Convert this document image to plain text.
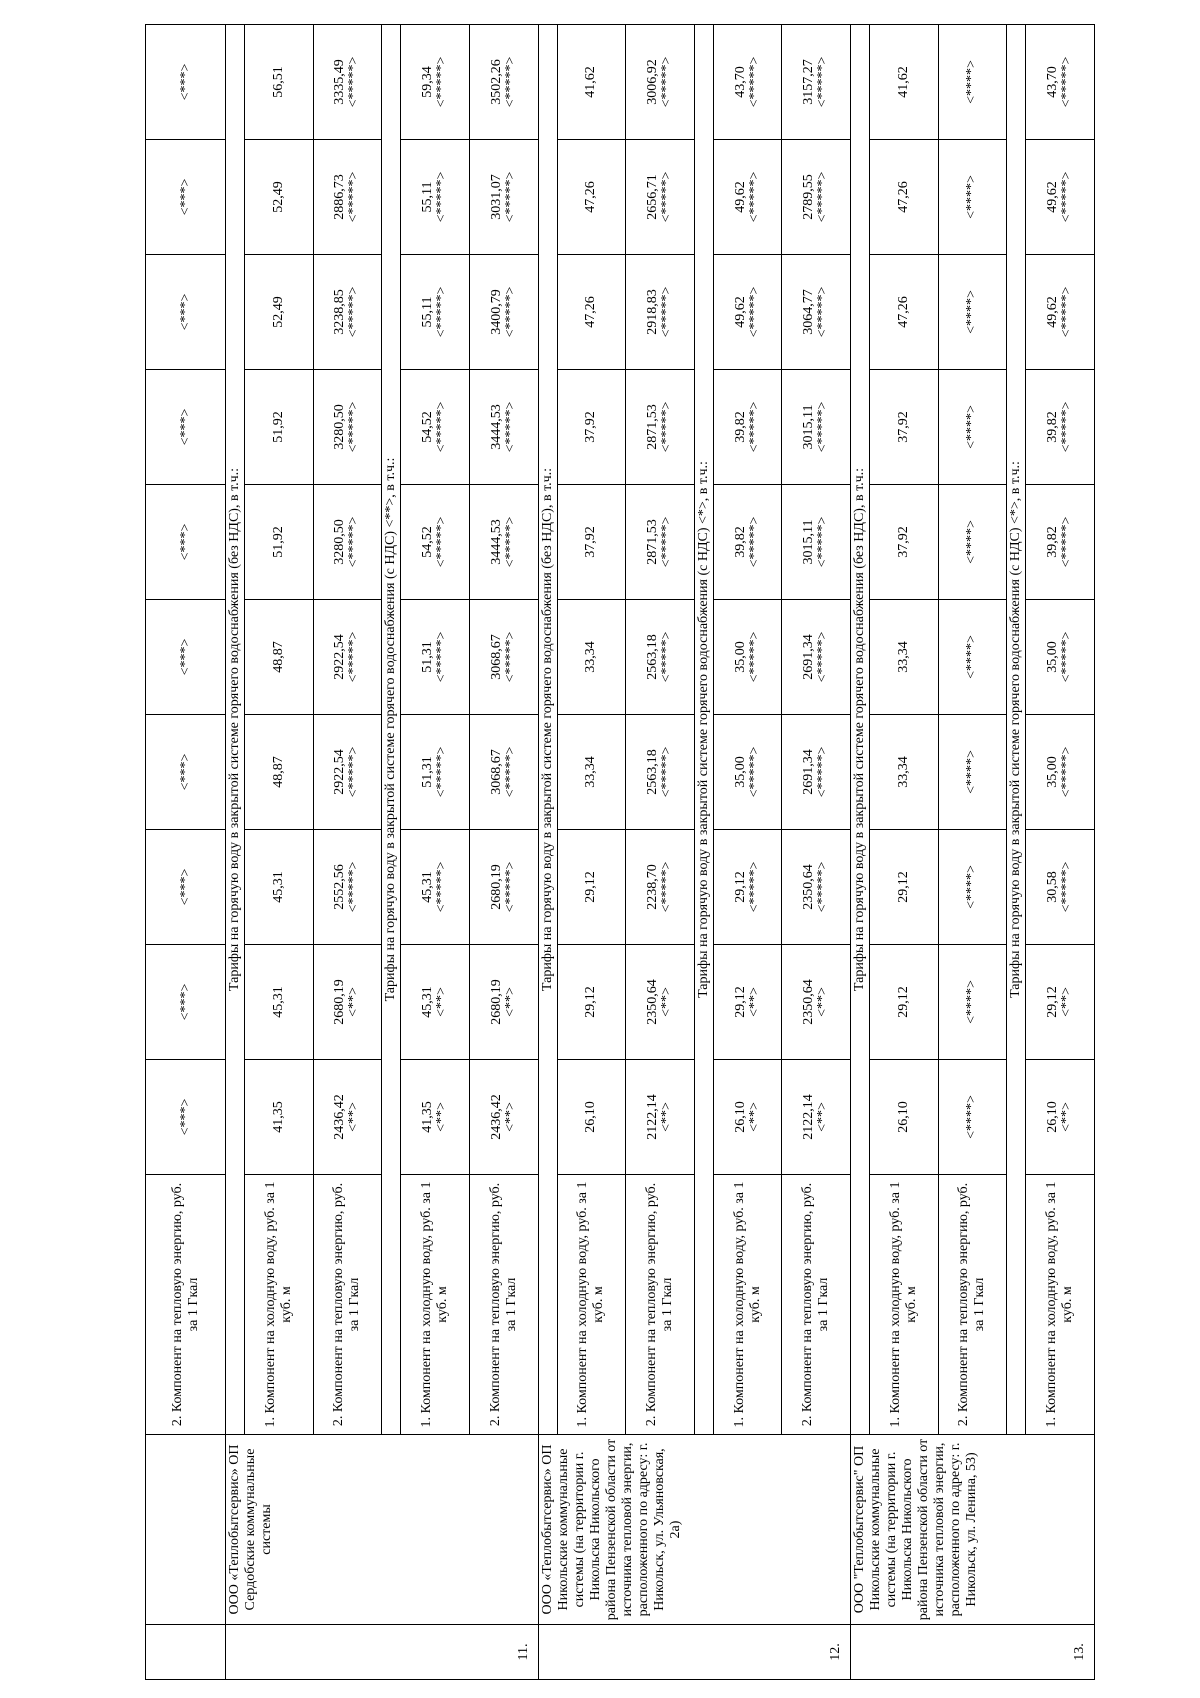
		2. Компонент на тепловую энергию, руб. за 1 Гкал	<***>	<***>	<***>	<***>	<***>	<***>	<***>	<***>	<***>	<***>

11.	ООО «Теплобытсервис» ОП Сердобские коммунальные системы	Тарифы на горячую воду в закрытой системе горячего водоснабжения (без НДС), в т.ч.:										
		1. Компонент на холодную воду, руб. за 1 куб. м	41,35	45,31	45,31	48,87	48,87	51,92	51,92	52,49	52,49	56,51

		2. Компонент на тепловую энергию, руб. за 1 Гкал	2436,42 <**>	2680,19 <**>	2552,56 <*****>	2922,54 <*****>	2922,54 <*****>	3280,50 <*****>	3280,50 <*****>	3238,85 <*****>	2886,73 <*****>	3335,49 <*****>

		Тарифы на горячую воду в закрытой системе горячего водоснабжения (с НДС) <**>, в т.ч.:										
		1. Компонент на холодную воду, руб. за 1 куб. м	41,35 <**>	45,31 <**>	45,31 <*****>	51,31 <*****>	51,31 <*****>	54,52 <*****>	54,52 <*****>	55,11 <*****>	55,11 <*****>	59,34 <*****>

		2. Компонент на тепловую энергию, руб. за 1 Гкал	2436,42 <**>	2680,19 <**>	2680,19 <*****>	3068,67 <*****>	3068,67 <*****>	3444,53 <*****>	3444,53 <*****>	3400,79 <*****>	3031,07 <*****>	3502,26 <*****>

12.	ООО «Теплобытсервис» ОП Никольские коммунальные системы (на территории г. Никольска Никольского района Пензенской области от источника тепловой энергии, расположенного по адресу: г. Никольск, ул. Ульяновская, 2а)	Тарифы на горячую воду в закрытой системе горячего водоснабжения (без НДС), в т.ч.:										
		1. Компонент на холодную воду, руб. за 1 куб. м	26,10	29,12	29,12	33,34	33,34	37,92	37,92	47,26	47,26	41,62

		2. Компонент на тепловую энергию, руб. за 1 Гкал	2122,14 <**>	2350,64 <**>	2238,70 <*****>	2563,18 <*****>	2563,18 <*****>	2871,53 <*****>	2871,53 <*****>	2918,83 <*****>	2656,71 <*****>	3006,92 <*****>

		Тарифы на горячую воду в закрытой системе горячего водоснабжения (с НДС) <*>, в т.ч.:										
		1. Компонент на холодную воду, руб. за 1 куб. м	26,10 <**>	29,12 <**>	29,12 <*****>	35,00 <*****>	35,00 <*****>	39,82 <*****>	39,82 <*****>	49,62 <*****>	49,62 <*****>	43,70 <*****>

		2. Компонент на тепловую энергию, руб. за 1 Гкал	2122,14 <**>	2350,64 <**>	2350,64 <*****>	2691,34 <*****>	2691,34 <*****>	3015,11 <*****>	3015,11 <*****>	3064,77 <*****>	2789,55 <*****>	3157,27 <*****>

13.	ООО "Теплобытсервис" ОП Никольские коммунальные системы (на территории г. Никольска Никольского района Пензенской области от источника тепловой энергии, расположенного по адресу: г. Никольск, ул. Ленина, 53)	Тарифы на горячую воду в закрытой системе горячего водоснабжения (без НДС), в т.ч.:										
		1. Компонент на холодную воду, руб. за 1 куб. м	26,10	29,12	29,12	33,34	33,34	37,92	37,92	47,26	47,26	41,62

		2. Компонент на тепловую энергию, руб. за 1 Гкал	<****>	<****>	<****>	<****>	<****>	<****>	<****>	<****>	<****>	<****>

		Тарифы на горячую воду в закрытой системе горячего водоснабжения (с НДС) <*>, в т.ч.:										
		1. Компонент на холодную воду, руб. за 1 куб. м	26,10 <**>	29,12 <**>	30,58 <*****>	35,00 <*****>	35,00 <*****>	39,82 <*****>	39,82 <*****>	49,62 <*****>	49,62 <*****>	43,70 <*****>
